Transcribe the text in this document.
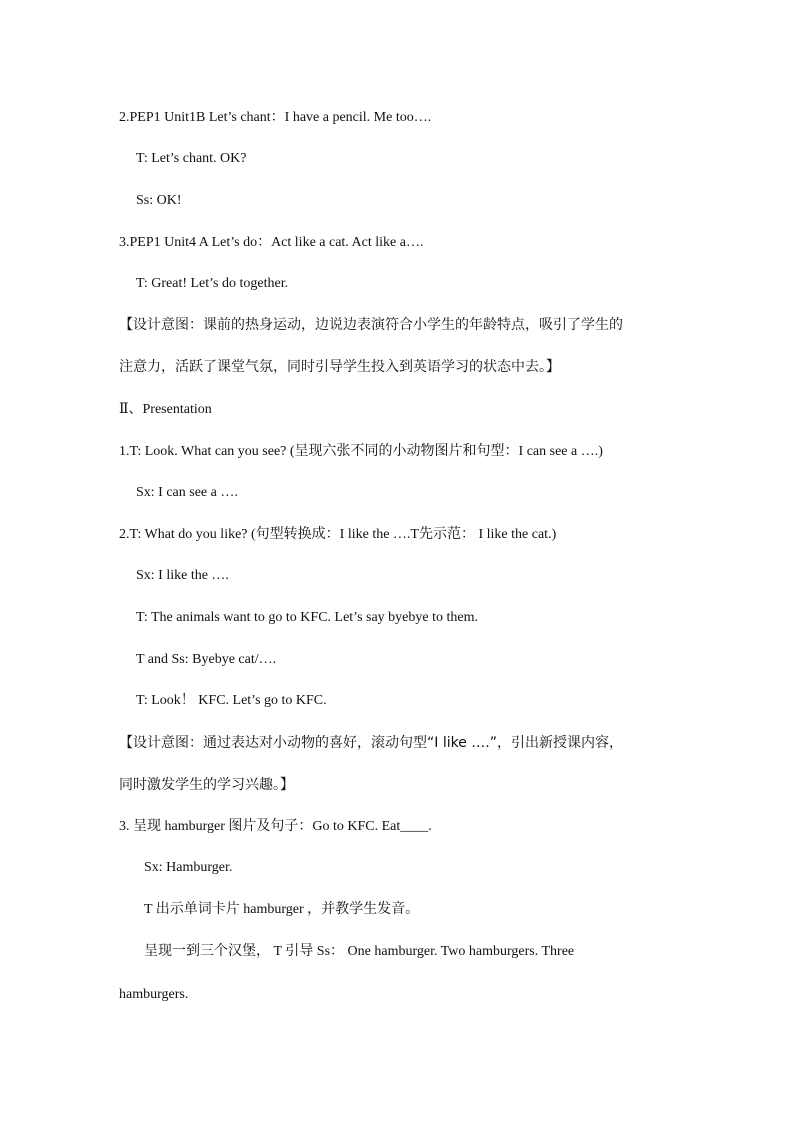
2.PEP1 Unit1B Let’s chant：I have a pencil. Me too….
T: Let’s chant. OK?
Ss: OK!
3.PEP1 Unit4 A Let’s do：Act like a cat. Act like a….
T: Great! Let’s do together.
【设计意图：课前的热身运动，边说边表演符合小学生的年龄特点，吸引了学生的
注意力，活跃了课堂气氛，同时引导学生投入到英语学习的状态中去。】
Ⅱ、Presentation
1.T: Look. What can you see? (呈现六张不同的小动物图片和句型：I can see a ….)
Sx: I can see a ….
2.T: What do you like? (句型转换成：I like the ….T先示范： I like the cat.)
Sx: I like the ….
T: The animals want to go to KFC. Let’s say byebye to them.
T and Ss: Byebye cat/….
T: Look！ KFC. Let’s go to KFC.
【设计意图：通过表达对小动物的喜好，滚动句型“I like ….”，引出新授课内容，
同时激发学生的学习兴趣。】
3. 呈现 hamburger 图片及句子：Go to KFC. Eat____.
Sx: Hamburger.
T 出示单词卡片 hamburger ，并教学生发音。
呈现一到三个汉堡， T 引导 Ss： One hamburger. Two hamburgers. Three
hamburgers.
